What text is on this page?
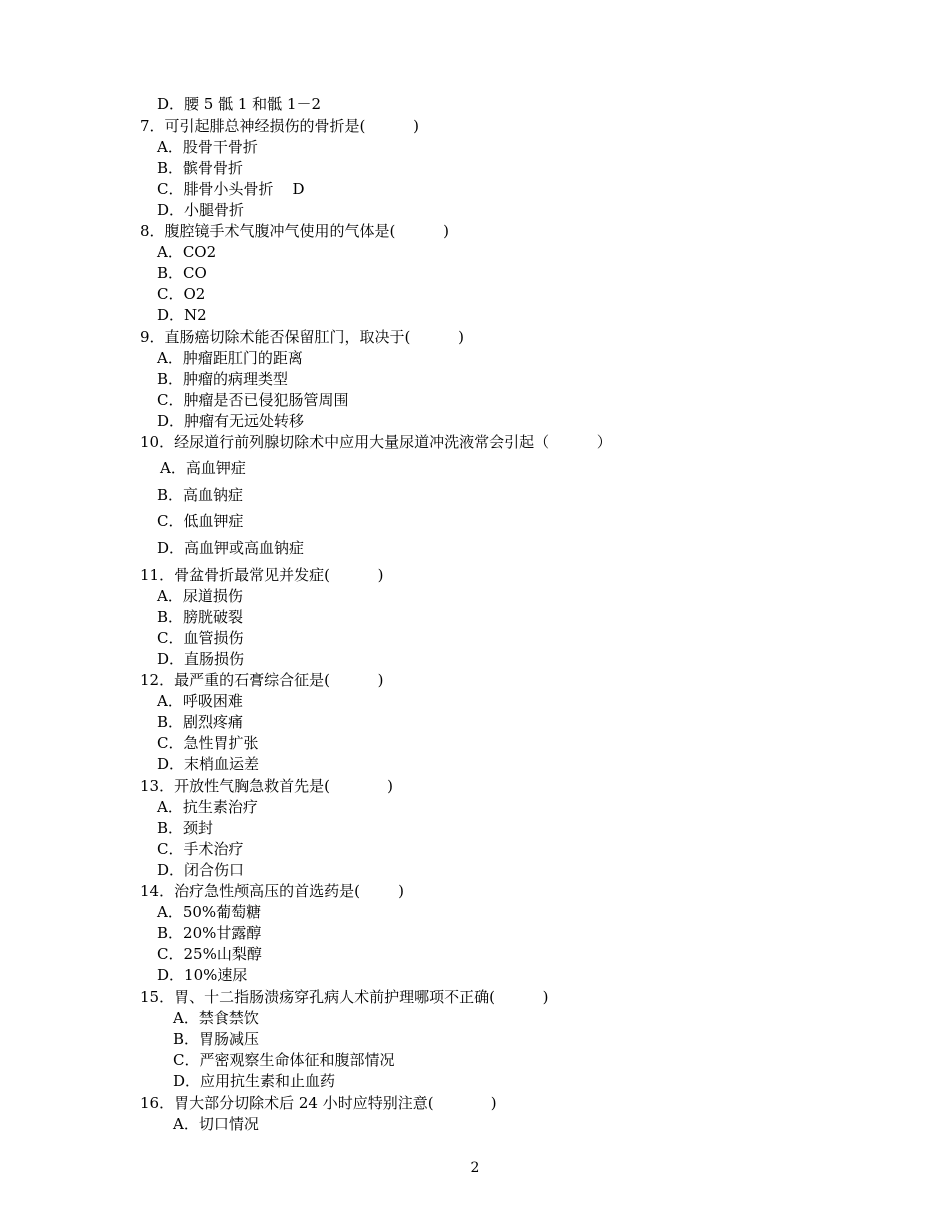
D．腰 5 骶 1 和骶 1－2
7．可引起腓总神经损伤的骨折是(          )
A．股骨干骨折
B．髌骨骨折
C．腓骨小头骨折    D
D．小腿骨折
8．腹腔镜手术气腹冲气使用的气体是(          )
A．CO2
B．CO
C．O2
D．N2
9．直肠癌切除术能否保留肛门，取决于(          )
A．肿瘤距肛门的距离
B．肿瘤的病理类型
C．肿瘤是否已侵犯肠管周围
D．肿瘤有无远处转移
10．经尿道行前列腺切除术中应用大量尿道冲洗液常会引起（          ）
A．高血钾症
B．高血钠症
C．低血钾症
D．高血钾或高血钠症
11．骨盆骨折最常见并发症(          )
A．尿道损伤
B．膀胱破裂
C．血管损伤
D．直肠损伤
12．最严重的石膏综合征是(          )
A．呼吸困难
B．剧烈疼痛
C．急性胃扩张
D．末梢血运差
13．开放性气胸急救首先是(            )
A．抗生素治疗
B．颈封
C．手术治疗
D．闭合伤口
14．治疗急性颅高压的首选药是(        )
A．50%葡萄糖
B．20%甘露醇
C．25%山梨醇
D．10%速尿
15．胃、十二指肠溃疡穿孔病人术前护理哪项不正确(          )
A．禁食禁饮
B．胃肠减压
C．严密观察生命体征和腹部情况
D．应用抗生素和止血药
16．胃大部分切除术后 24 小时应特别注意(            )
A．切口情况
2
